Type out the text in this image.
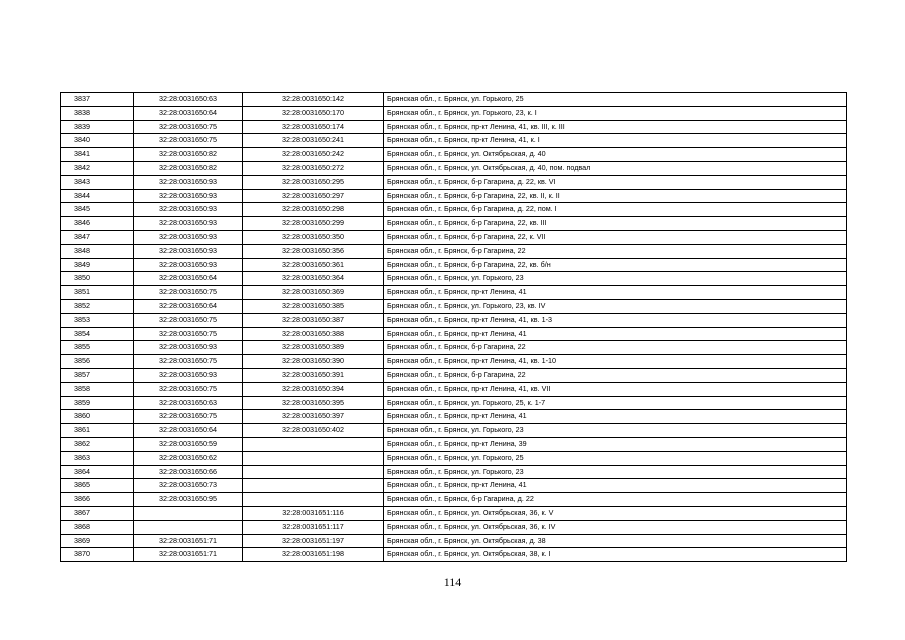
3837	32:28:0031650:63	32:28:0031650:142	Брянская обл., г. Брянск, ул. Горького, 25
3838	32:28:0031650:64	32:28:0031650:170	Брянская обл., г. Брянск, ул. Горького, 23, к. I
3839	32:28:0031650:75	32:28:0031650:174	Брянская обл., г. Брянск, пр-кт Ленина, 41, кв. III, к. III
3840	32:28:0031650:75	32:28:0031650:241	Брянская обл., г. Брянск, пр-кт Ленина, 41, к. I
3841	32:28:0031650:82	32:28:0031650:242	Брянская обл., г. Брянск, ул. Октябрьская, д. 40
3842	32:28:0031650:82	32:28:0031650:272	Брянская обл., г. Брянск, ул. Октябрьская, д. 40, пом. подвал
3843	32:28:0031650:93	32:28:0031650:295	Брянская обл., г. Брянск, б-р Гагарина, д. 22, кв. VI
3844	32:28:0031650:93	32:28:0031650:297	Брянская обл., г. Брянск, б-р Гагарина, 22, кв. II, к. II
3845	32:28:0031650:93	32:28:0031650:298	Брянская обл., г. Брянск, б-р Гагарина, д. 22, пом. I
3846	32:28:0031650:93	32:28:0031650:299	Брянская обл., г. Брянск, б-р Гагарина, 22, кв. III
3847	32:28:0031650:93	32:28:0031650:350	Брянская обл., г. Брянск, б-р Гагарина, 22, к. VII
3848	32:28:0031650:93	32:28:0031650:356	Брянская обл., г. Брянск, б-р Гагарина, 22
3849	32:28:0031650:93	32:28:0031650:361	Брянская обл., г. Брянск, б-р Гагарина, 22, кв. б/н
3850	32:28:0031650:64	32:28:0031650:364	Брянская обл., г. Брянск, ул. Горького, 23
3851	32:28:0031650:75	32:28:0031650:369	Брянская обл., г. Брянск, пр-кт Ленина, 41
3852	32:28:0031650:64	32:28:0031650:385	Брянская обл., г. Брянск, ул. Горького, 23, кв. IV
3853	32:28:0031650:75	32:28:0031650:387	Брянская обл., г. Брянск, пр-кт Ленина, 41, кв. 1-3
3854	32:28:0031650:75	32:28:0031650:388	Брянская обл., г. Брянск, пр-кт Ленина, 41
3855	32:28:0031650:93	32:28:0031650:389	Брянская обл., г. Брянск, б-р Гагарина, 22
3856	32:28:0031650:75	32:28:0031650:390	Брянская обл., г. Брянск, пр-кт Ленина, 41, кв. 1-10
3857	32:28:0031650:93	32:28:0031650:391	Брянская обл., г. Брянск, б-р Гагарина, 22
3858	32:28:0031650:75	32:28:0031650:394	Брянская обл., г. Брянск, пр-кт Ленина, 41, кв. VII
3859	32:28:0031650:63	32:28:0031650:395	Брянская обл., г. Брянск, ул. Горького, 25, к. 1-7
3860	32:28:0031650:75	32:28:0031650:397	Брянская обл., г. Брянск, пр-кт Ленина, 41
3861	32:28:0031650:64	32:28:0031650:402	Брянская обл., г. Брянск, ул. Горького, 23
3862	32:28:0031650:59		Брянская обл., г. Брянск, пр-кт Ленина, 39
3863	32:28:0031650:62		Брянская обл., г. Брянск, ул. Горького, 25
3864	32:28:0031650:66		Брянская обл., г. Брянск, ул. Горького, 23
3865	32:28:0031650:73		Брянская обл., г. Брянск, пр-кт Ленина, 41
3866	32:28:0031650:95		Брянская обл., г. Брянск, б-р Гагарина, д. 22
3867		32:28:0031651:116	Брянская обл., г. Брянск, ул. Октябрьская, 36, к. V
3868		32:28:0031651:117	Брянская обл., г. Брянск, ул. Октябрьская, 36, к. IV
3869	32:28:0031651:71	32:28:0031651:197	Брянская обл., г. Брянск, ул. Октябрьская, д. 38
3870	32:28:0031651:71	32:28:0031651:198	Брянская обл., г. Брянск, ул. Октябрьская, 38, к. I
114
